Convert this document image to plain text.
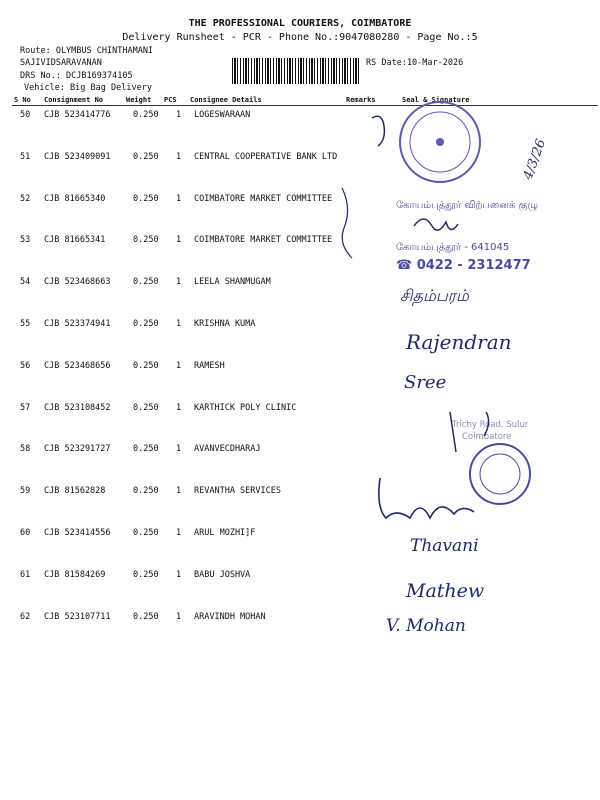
THE PROFESSIONAL COURIERS, COIMBATORE
Delivery Runsheet - PCR - Phone No.:9047080280 - Page No.:5
Route: OLYMBUS CHINTHAMANI
SAJIVIDSARAVANAN	RS Date:10-Mar-2026
DRS No.: DCJB169374105
Vehicle: Big Bag Delivery
S No Consignment No	Weight PCS Consignee Details	Remarks	Seal & Signature
50	CJB 523414776	0.250	1	LOGESWARAAN
51	CJB 523409091	0.250	1	CENTRAL COOPERATIVE BANK LTD
52	CJB 81665340	0.250	1	COIMBATORE MARKET COMMITTEE
53	CJB 81665341	0.250	1	COIMBATORE MARKET COMMITTEE
54	CJB 523468663	0.250	1	LEELA SHANMUGAM
55	CJB 523374941	0.250	1	KRISHNA KUMA
56	CJB 523468656	0.250	1	RAMESH
57	CJB 523108452	0.250	1	KARTHICK POLY CLINIC
58	CJB 523291727	0.250	1	AVANVECDHARAJ
59	CJB 81562828	0.250	1	REVANTHA SERVICES
60	CJB 523414556	0.250	1	ARUL MOZHI]F
61	CJB 81584269	0.250	1	BABU JOSHVA
62	CJB 523107711	0.250	1	ARAVINDH MOHAN
கோயம்புத்தூர் விற்பனைக் குழு
கோயம்புத்தூர் - 641045
☎ 0422 - 2312477
Trichy Road, Sulur
Coimbatore
4/3/26
சிதம்பரம்
Rajendran
Sree
Thavani
Mathew
V. Mohan
